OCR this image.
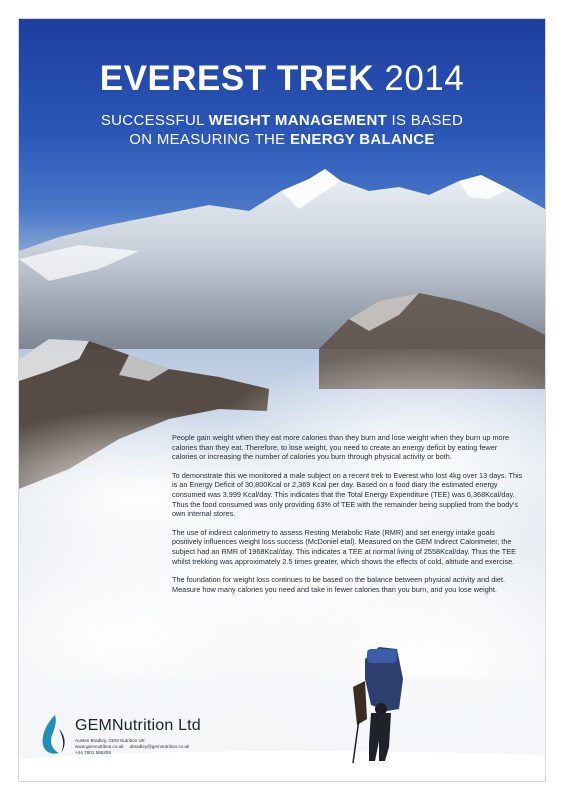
EVEREST TREK 2014
SUCCESSFUL WEIGHT MANAGEMENT IS BASED
ON MEASURING THE ENERGY BALANCE

People gain weight when they eat more calories than they burn and lose weight when they burn up more calories than they eat. Therefore, to lose weight, you need to create an energy deficit by eating fewer calories or increasing the number of calories you burn through physical activity or both.

To demonstrate this we monitored a male subject on a recent trek to Everest who lost 4kg over 13 days. This is an Energy Deficit of 30,800Kcal or 2,369 Kcal per day. Based on a food diary the estimated energy consumed was 3,999 Kcal/day. This indicates that the Total Energy Expenditure (TEE) was 6,368Kcal/day. Thus the food consumed was only providing 63% of TEE with the remainder being supplied from the body's own internal stores.

The use of indirect calorimetry to assess Resting Metabolic Rate (RMR) and set energy intake goals positively influences weight loss success (McDoniel etal). Measured on the GEM Indirect Calorimeter, the subject had an RMR of 1968Kcal/day. This indicates a TEE at normal living of 2558Kcal/day. Thus the TEE whilst trekking was approximately 2.5 times greater, which shows the effects of cold, altitude and exercise.

The foundation for weight loss continues to be based on the balance between physical activity and diet. Measure how many calories you need and take in fewer calories than you burn, and you lose weight.

GEMNutrition Ltd
Austen Bradley, GEM Nutrition UK
www.gemnutrition.co.uk abradley@gemnutrition.co.uk
+44 7801 586208
